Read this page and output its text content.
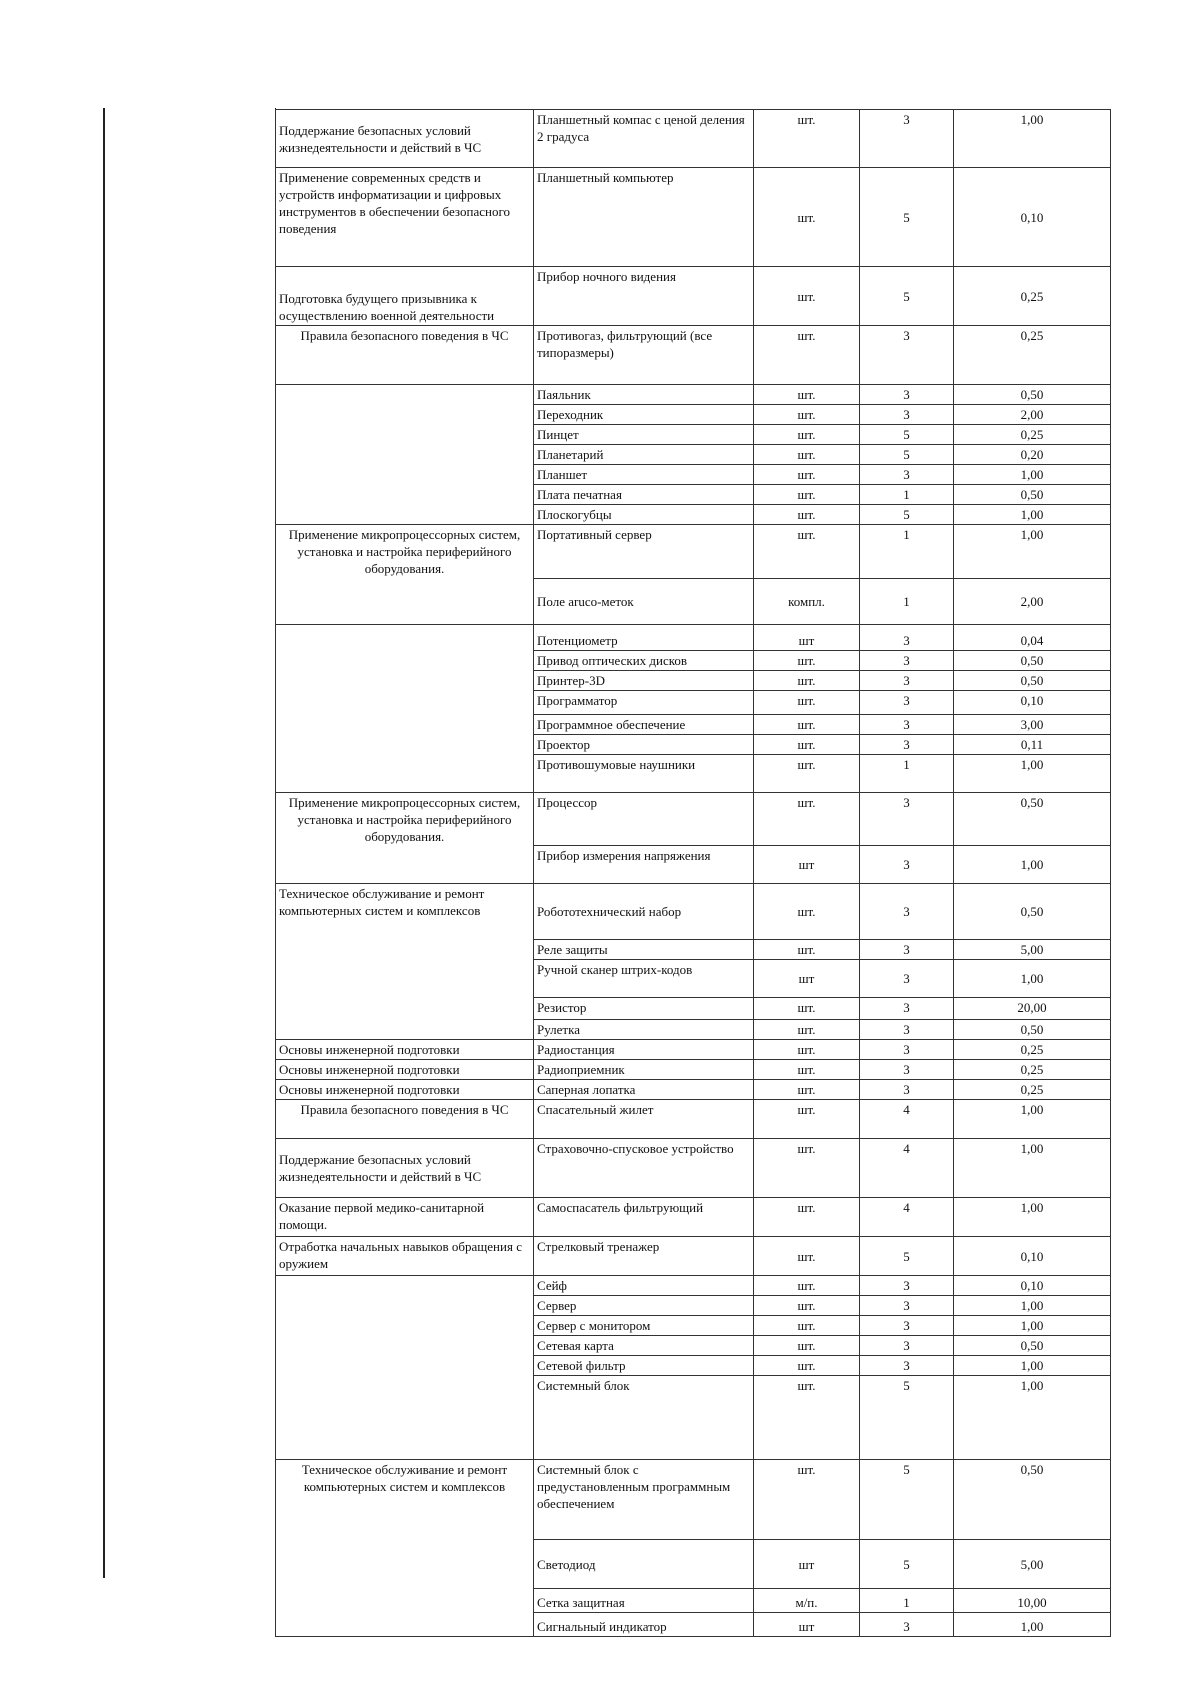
Поддержание безопасных условий жизнедеятельности и действий в ЧС	Планшетный компас с ценой деления 2 градуса	шт.	3	1,00
Применение современных средств и устройств информатизации и цифровых инструментов в обеспечении безопасного поведения	Планшетный компьютер	шт.	5	0,10
Подготовка будущего призывника к осуществлению военной деятельности	Прибор ночного видения	шт.	5	0,25
Правила безопасного поведения в ЧС	Противогаз, фильтрующий (все типоразмеры)	шт.	3	0,25
	Паяльник	шт.	3	0,50
	Переходник	шт.	3	2,00
	Пинцет	шт.	5	0,25
	Планетарий	шт.	5	0,20
	Планшет	шт.	3	1,00
	Плата печатная	шт.	1	0,50
	Плоскогубцы	шт.	5	1,00
Применение микропроцессорных систем, установка и настройка периферийного оборудования.	Портативный сервер	шт.	1	1,00
	Поле aruco-меток	компл.	1	2,00
	Потенциометр	шт	3	0,04
	Привод оптических дисков	шт.	3	0,50
	Принтер-3D	шт.	3	0,50
	Программатор	шт.	3	0,10
	Программное обеспечение	шт.	3	3,00
	Проектор	шт.	3	0,11
	Противошумовые наушники	шт.	1	1,00
Применение микропроцессорных систем, установка и настройка периферийного оборудования.	Процессор	шт.	3	0,50
	Прибор измерения напряжения	шт	3	1,00
Техническое обслуживание и ремонт компьютерных систем и комплексов	Робототехнический набор	шт.	3	0,50
	Реле защиты	шт.	3	5,00
	Ручной сканер штрих-кодов	шт	3	1,00
	Резистор	шт.	3	20,00
	Рулетка	шт.	3	0,50
Основы инженерной подготовки	Радиостанция	шт.	3	0,25
Основы инженерной подготовки	Радиоприемник	шт.	3	0,25
Основы инженерной подготовки	Саперная лопатка	шт.	3	0,25
Правила безопасного поведения в ЧС	Спасательный жилет	шт.	4	1,00
Поддержание безопасных условий жизнедеятельности и действий в ЧС	Страховочно-спусковое устройство	шт.	4	1,00
Оказание первой медико-санитарной помощи.	Самоспасатель фильтрующий	шт.	4	1,00
Отработка начальных навыков обращения с оружием	Стрелковый тренажер	шт.	5	0,10
	Сейф	шт.	3	0,10
	Сервер	шт.	3	1,00
	Сервер с монитором	шт.	3	1,00
	Сетевая карта	шт.	3	0,50
	Сетевой фильтр	шт.	3	1,00
	Системный блок	шт.	5	1,00
Техническое обслуживание и ремонт компьютерных систем и комплексов	Системный блок с предустановленным программным обеспечением	шт.	5	0,50
	Светодиод	шт	5	5,00
	Сетка защитная	м/п.	1	10,00
	Сигнальный индикатор	шт	3	1,00
